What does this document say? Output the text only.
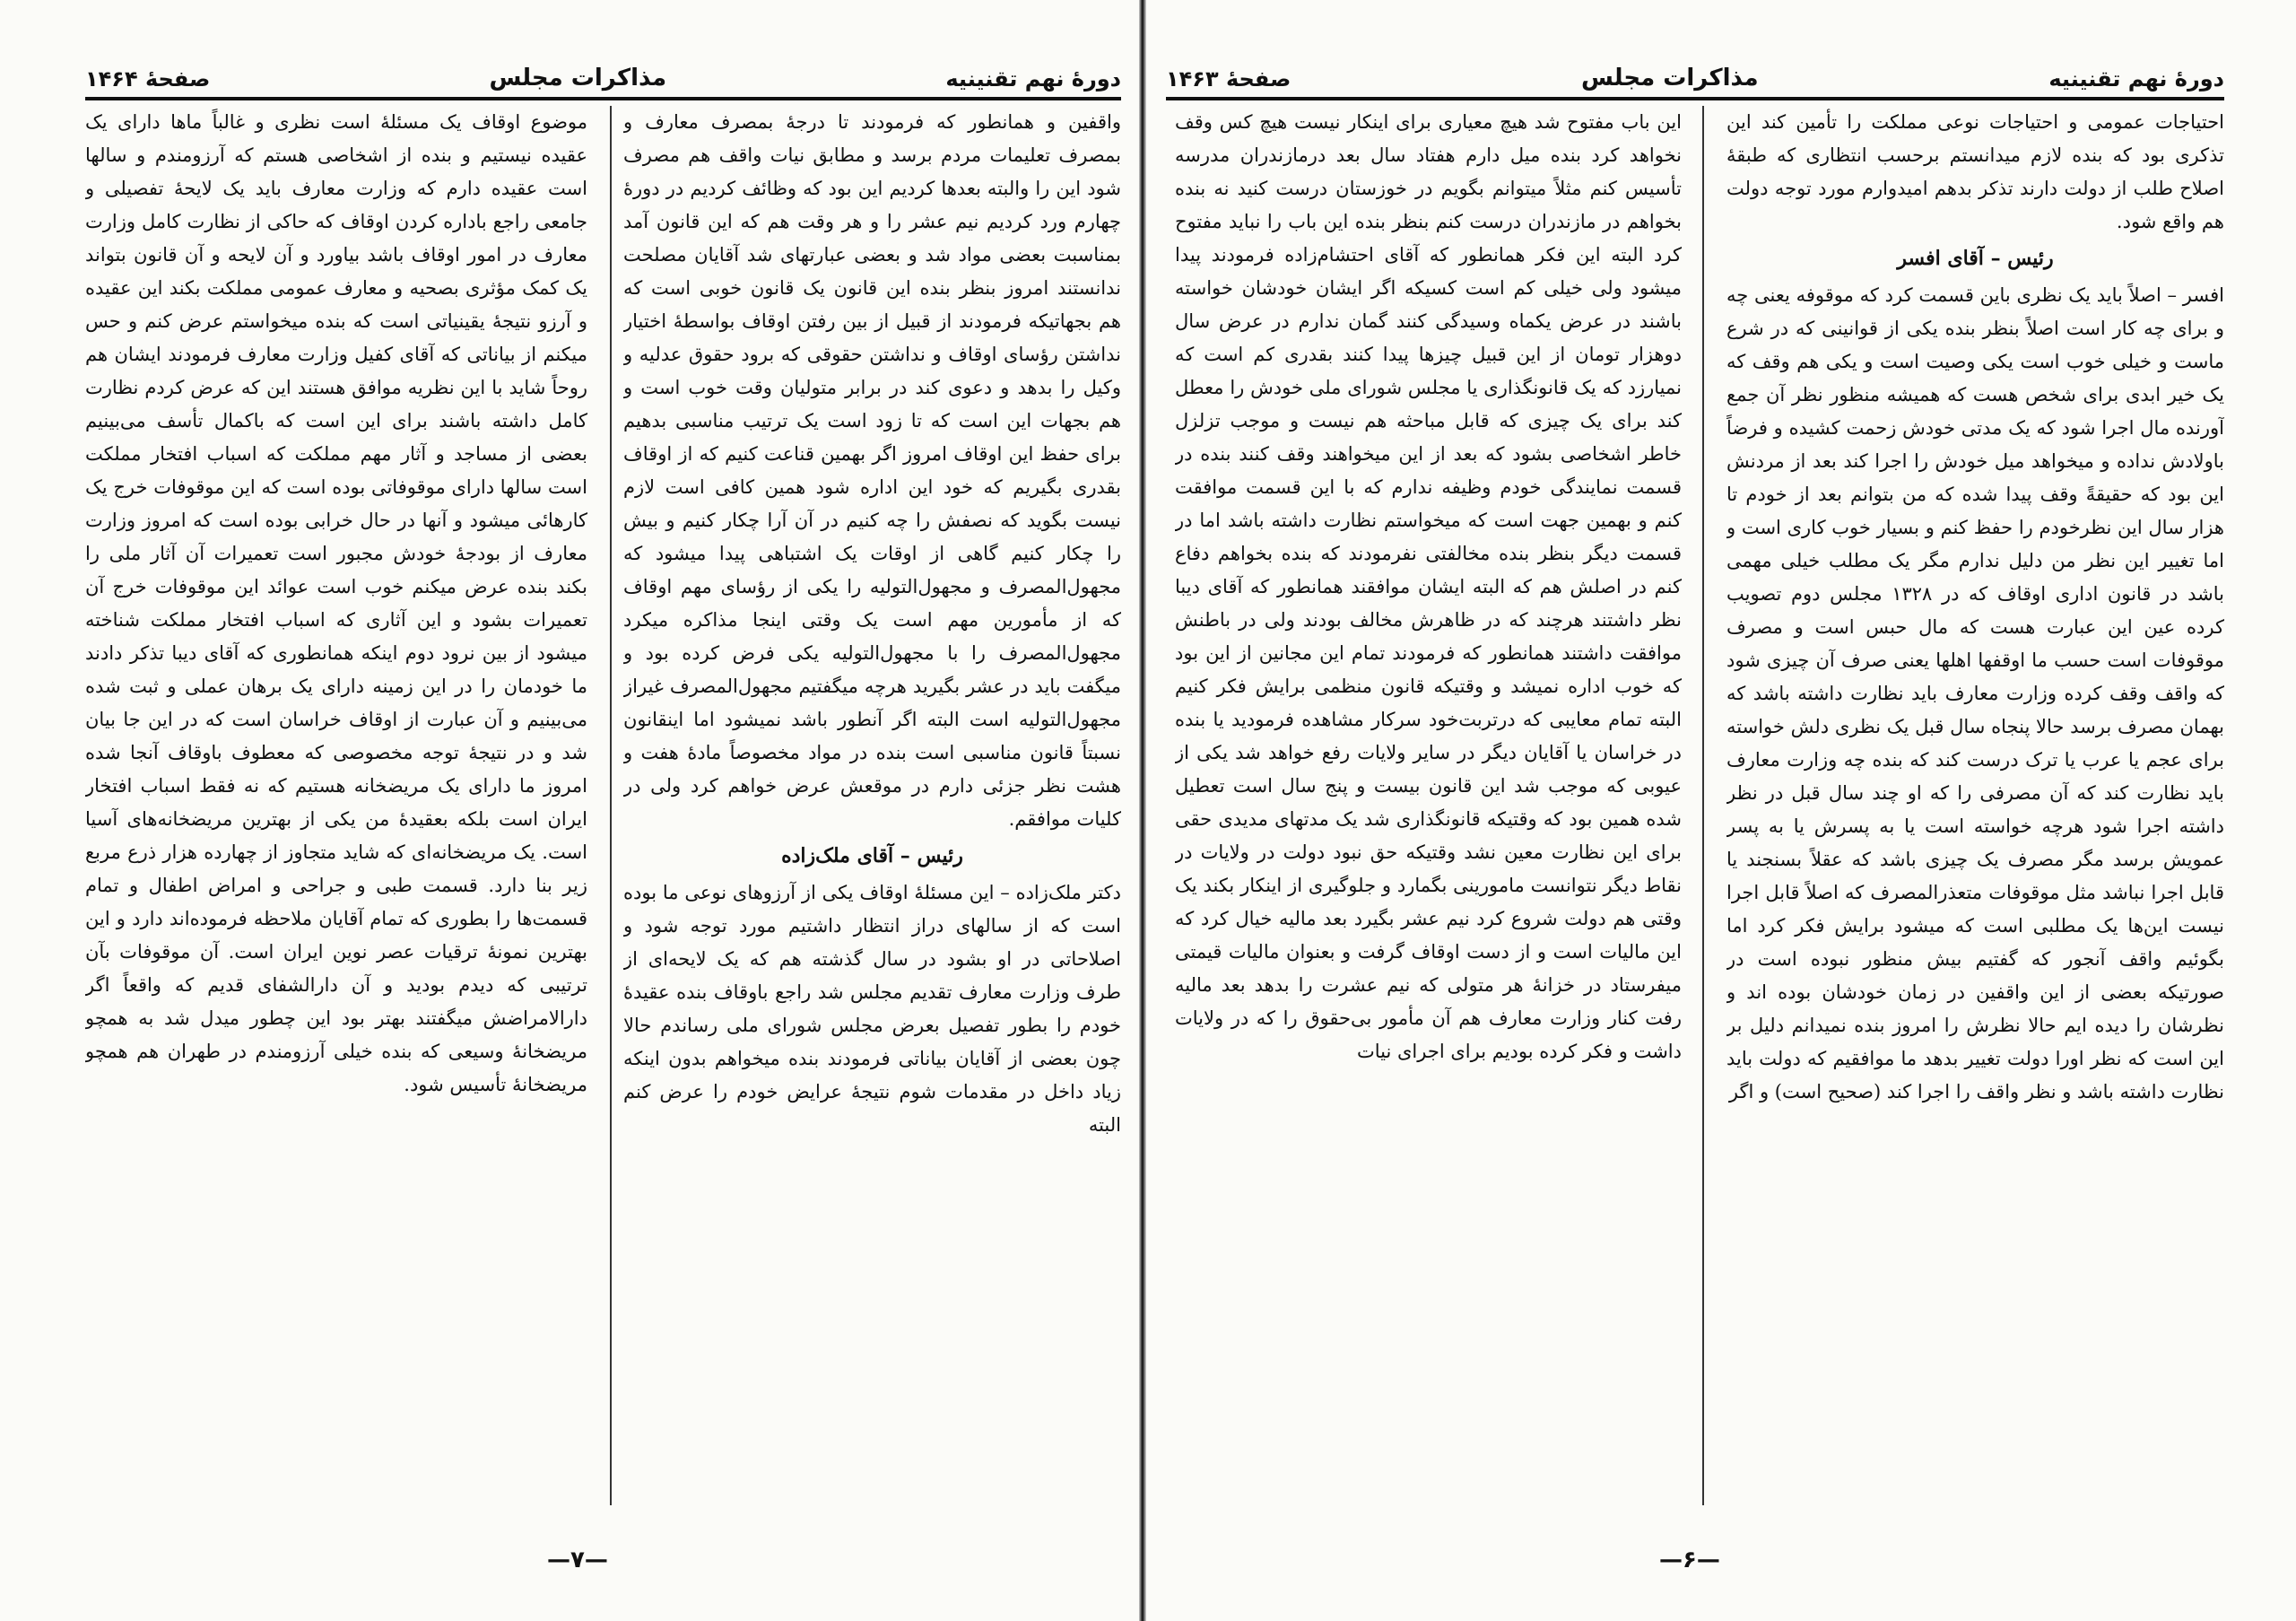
دورهٔ نهم تقنینیه
مذاکرات مجلس
صفحهٔ ۱۴۶۴

واقفین و همانطور که فرمودند تا درجهٔ بمصرف معارف و بمصرف تعلیمات مردم برسد و مطابق نیات واقف هم مصرف شود این را والبته بعدها کردیم این بود که وظائف کردیم در دورهٔ چهارم ورد کردیم نیم عشر را و هر وقت هم که این قانون آمد بمناسبت بعضی مواد شد و بعضی عبارتهای شد آقایان مصلحت ندانستند امروز بنظر بنده این قانون یک قانون خوبی است که هم بجهاتیکه فرمودند از قبیل از بین رفتن اوقاف بواسطهٔ اختیار نداشتن رؤسای اوقاف و نداشتن حقوقی که برود حقوق عدلیه و وکیل را بدهد و دعوی کند در برابر متولیان وقت خوب است و هم بجهات این است که تا زود است یک ترتیب مناسبی بدهیم برای حفظ این اوقاف امروز اگر بهمین قناعت کنیم که از اوقاف بقدری بگیریم که خود این اداره شود همین کافی است لازم نیست بگوید که نصفش را چه کنیم در آن آرا چکار کنیم و بیش را چکار کنیم گاهی از اوقات یک اشتباهی پیدا میشود که مجهول‌المصرف و مجهول‌التولیه را یکی از رؤسای مهم اوقاف که از مأمورین مهم است یک وقتی اینجا مذاکره میکرد مجهول‌المصرف را با مجهول‌التولیه یکی فرض کرده بود و میگفت باید در عشر بگیرید هرچه میگفتیم مجهول‌المصرف غیراز مجهول‌التولیه است البته اگر آنطور باشد نمیشود اما اینقانون نسبتاً قانون مناسبی است بنده در مواد مخصوصاً مادهٔ هفت و هشت نظر جزئی دارم در موقعش عرض خواهم کرد ولی در کلیات موافقم.

رئیس – آقای ملک‌زاده

دکتر ملک‌زاده – این مسئلهٔ اوقاف یکی از آرزوهای نوعی ما بوده است که از سالهای دراز انتظار داشتیم مورد توجه شود و اصلاحاتی در او بشود در سال گذشته هم که یک لایحه‌ای از طرف وزارت معارف تقدیم مجلس شد راجع باوقاف بنده عقیدهٔ خودم را بطور تفصیل بعرض مجلس شورای ملی رساندم حالا چون بعضی از آقایان بیاناتی فرمودند بنده میخواهم بدون اینکه زیاد داخل در مقدمات شوم نتیجهٔ عرایض خودم را عرض کنم البته

موضوع اوقاف یک مسئلهٔ است نظری و غالباً ماها دارای یک عقیده نیستیم و بنده از اشخاصی هستم که آرزومندم و سالها است عقیده دارم که وزارت معارف باید یک لایحهٔ تفصیلی و جامعی راجع باداره کردن اوقاف که حاکی از نظارت کامل وزارت معارف در امور اوقاف باشد بیاورد و آن لایحه و آن قانون بتواند یک کمک مؤثری بصحیه و معارف عمومی مملکت بکند این عقیده و آرزو نتیجهٔ یقینیاتی است که بنده میخواستم عرض کنم و حس میکنم از بیاناتی که آقای کفیل وزارت معارف فرمودند ایشان هم روحاً شاید با این نظریه موافق هستند این که عرض کردم نظارت کامل داشته باشند برای این است که باکمال تأسف می‌بینیم بعضی از مساجد و آثار مهم مملکت که اسباب افتخار مملکت است سالها دارای موقوفاتی بوده است که این موقوفات خرج یک کارهائی میشود و آنها در حال خرابی بوده است که امروز وزارت معارف از بودجهٔ خودش مجبور است تعمیرات آن آثار ملی را بکند بنده عرض میکنم خوب است عوائد این موقوفات خرج آن تعمیرات بشود و این آثاری که اسباب افتخار مملکت شناخته میشود از بین نرود دوم اینکه همانطوری که آقای دیبا تذکر دادند ما خودمان را در این زمینه دارای یک برهان عملی و ثبت شده می‌بینیم و آن عبارت از اوقاف خراسان است که در این جا بیان شد و در نتیجهٔ توجه مخصوصی که معطوف باوقاف آنجا شده امروز ما دارای یک مریضخانه هستیم که نه فقط اسباب افتخار ایران است بلکه بعقیدهٔ من یکی از بهترین مریضخانه‌های آسیا است. یک مریضخانه‌ای که شاید متجاوز از چهارده هزار ذرع مربع زیر بنا دارد. قسمت طبی و جراحی و امراض اطفال و تمام قسمت‌ها را بطوری که تمام آقایان ملاحظه فرموده‌اند دارد و این بهترین نمونهٔ ترقیات عصر نوین ایران است. آن موقوفات بآن ترتیبی که دیدم بودید و آن دارالشفای قدیم که واقعاً اگر دارالامراضش میگفتند بهتر بود این چطور میدل شد به همچو مریضخانهٔ وسیعی که بنده خیلی آرزومندم در طهران هم همچو مریضخانهٔ تأسیس شود.

—۷—
دورهٔ نهم تقنینیه
مذاکرات مجلس
صفحهٔ ۱۴۶۳

احتیاجات عمومی و احتیاجات نوعی مملکت را تأمین کند این تذکری بود که بنده لازم میدانستم برحسب انتظاری که طبقهٔ اصلاح طلب از دولت دارند تذکر بدهم امیدوارم مورد توجه دولت هم واقع شود.

رئیس – آقای افسر

افسر – اصلاً باید یک نظری باین قسمت کرد که موقوفه یعنی چه و برای چه کار است اصلاً بنظر بنده یکی از قوانینی که در شرع ماست و خیلی خوب است یکی وصیت است و یکی هم وقف که یک خیر ابدی برای شخص هست که همیشه منظور نظر آن جمع آورنده مال اجرا شود که یک مدتی خودش زحمت کشیده و فرضاً باولادش نداده و میخواهد میل خودش را اجرا کند بعد از مردنش این بود که حقیقةً وقف پیدا شده که من بتوانم بعد از خودم تا هزار سال این نظرخودم را حفظ کنم و بسیار خوب کاری است و اما تغییر این نظر من دلیل ندارم مگر یک مطلب خیلی مهمی باشد در قانون اداری اوقاف که در ۱۳۲۸ مجلس دوم تصویب کرده عین این عبارت هست که مال حبس است و مصرف موقوفات است حسب ما اوقفها اهلها یعنی صرف آن چیزی شود که واقف وقف کرده وزارت معارف باید نظارت داشته باشد که بهمان مصرف برسد حالا پنجاه سال قبل یک نظری دلش خواسته برای عجم یا عرب یا ترک درست کند که بنده چه وزارت معارف باید نظارت کند که آن مصرفی را که او چند سال قبل در نظر داشته اجرا شود هرچه خواسته است یا به پسرش یا به پسر عمویش برسد مگر مصرف یک چیزی باشد که عقلاً بسنجند یا قابل اجرا نباشد مثل موقوفات متعذرالمصرف که اصلاً قابل اجرا نیست این‌ها یک مطلبی است که میشود برایش فکر کرد اما بگوئیم واقف آنجور که گفتیم بیش منظور نبوده است در صورتیکه بعضی از این واقفین در زمان خودشان بوده اند و نظرشان را دیده ایم حالا نظرش را امروز بنده نمیدانم دلیل بر این است که نظر اورا دولت تغییر بدهد ما موافقیم که دولت باید نظارت داشته باشد و نظر واقف را اجرا کند (صحیح است) و اگر

این باب مفتوح شد هیچ معیاری برای اینکار نیست هیچ کس وقف نخواهد کرد بنده میل دارم هفتاد سال بعد درمازندران مدرسه تأسیس کنم مثلاً میتوانم بگویم در خوزستان درست کنید نه بنده بخواهم در مازندران درست کنم بنظر بنده این باب را نباید مفتوح کرد البته این فکر همانطور که آقای احتشام‌زاده فرمودند پیدا میشود ولی خیلی کم است کسیکه اگر ایشان خودشان خواسته باشند در عرض یکماه وسیدگی کنند گمان ندارم در عرض سال دوهزار تومان از این قبیل چیزها پیدا کنند بقدری کم است که نمیارزد که یک قانونگذاری یا مجلس شورای ملی خودش را معطل کند برای یک چیزی که قابل مباحثه هم نیست و موجب تزلزل خاطر اشخاصی بشود که بعد از این میخواهند وقف کنند بنده در قسمت نمایندگی خودم وظیفه ندارم که با این قسمت موافقت کنم و بهمین جهت است که میخواستم نظارت داشته باشد اما در قسمت دیگر بنظر بنده مخالفتی نفرمودند که بنده بخواهم دفاع کنم در اصلش هم که البته ایشان موافقند همانطور که آقای دیبا نظر داشتند هرچند که در ظاهرش مخالف بودند ولی در باطنش موافقت داشتند همانطور که فرمودند تمام این مجانین از این بود که خوب اداره نمیشد و وقتیکه قانون منظمی برایش فکر کنیم البته تمام معایبی که درتربت‌خود سرکار مشاهده فرمودید یا بنده در خراسان یا آقایان دیگر در سایر ولایات رفع خواهد شد یکی از عیوبی که موجب شد این قانون بیست و پنج سال است تعطیل شده همین بود که وقتیکه قانونگذاری شد یک مدتهای مدیدی حقی برای این نظارت معین نشد وقتیکه حق نبود دولت در ولایات در نقاط دیگر نتوانست مامورینی بگمارد و جلوگیری از اینکار بکند یک وقتی هم دولت شروع کرد نیم عشر بگیرد بعد مالیه خیال کرد که این مالیات است و از دست اوقاف گرفت و بعنوان مالیات قیمتی میفرستاد در خزانهٔ هر متولی که نیم عشرت را بدهد بعد مالیه رفت کنار وزارت معارف هم آن مأمور بی‌حقوق را که در ولایات داشت و فکر کرده بودیم برای اجرای نیات

—۶—
